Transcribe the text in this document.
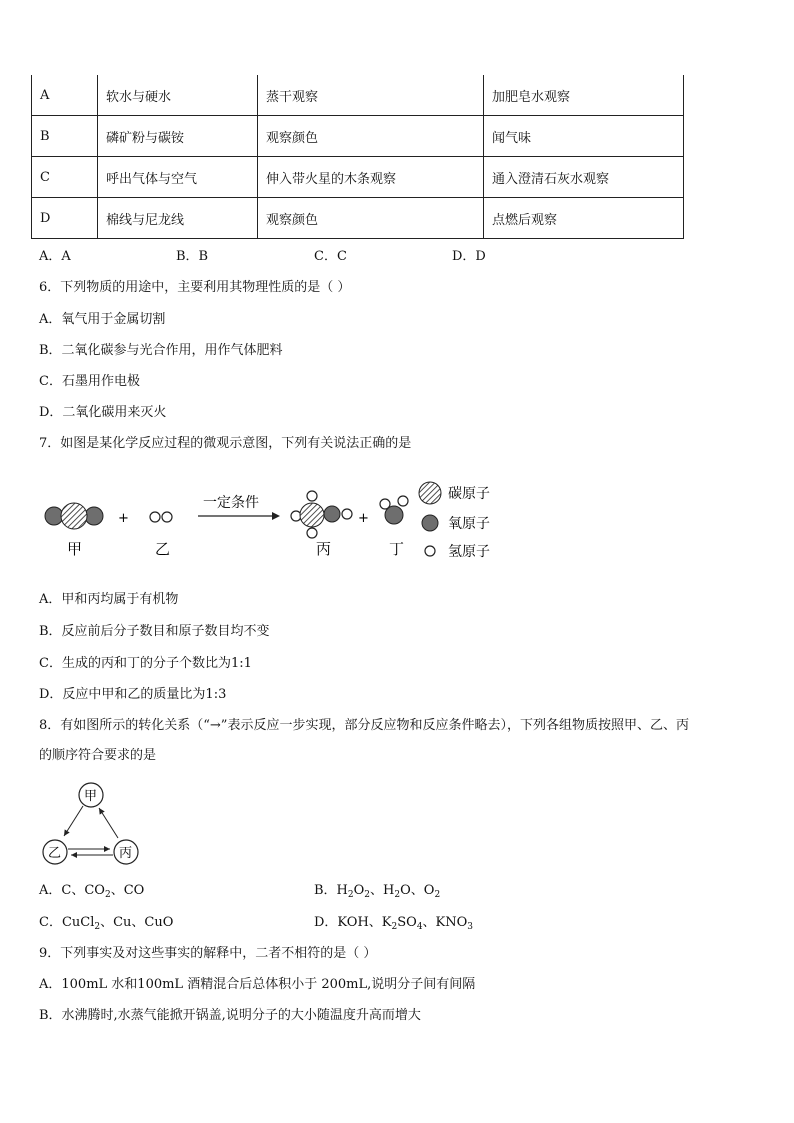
A	软水与硬水	蒸干观察	加肥皂水观察
B	磷矿粉与碳铵	观察颜色	闻气味
C	呼出气体与空气	伸入带火星的木条观察	通入澄清石灰水观察
D	棉线与尼龙线	观察颜色	点燃后观察
A．A	B．B	C．C	D．D
6．下列物质的用途中，主要利用其物理性质的是（ ）
A．氧气用于金属切割
B．二氧化碳参与光合作用，用作气体肥料
C．石墨用作电极
D．二氧化碳用来灭火
7．如图是某化学反应过程的微观示意图，下列有关说法正确的是
甲
+
乙
一定条件
丙
+
丁
碳原子
氧原子
氢原子
A．甲和丙均属于有机物
B．反应前后分子数目和原子数目均不变
C．生成的丙和丁的分子个数比为1:1
D．反应中甲和乙的质量比为1:3
8．有如图所示的转化关系（“→”表示反应一步实现，部分反应物和反应条件略去），下列各组物质按照甲、乙、丙
的顺序符合要求的是
甲
乙	丙
A．C、$CO_2$、CO	B．$H_2O_2$、$H_2O$、$O_2$
C．CuCl$_2$、Cu、CuO	D．KOH、$K_2SO_4$、$KNO_3$
9．下列事实及对这些事实的解释中，二者不相符的是（ ）
A．100mL 水和100mL 酒精混合后总体积小于 200mL,说明分子间有间隔
B．水沸腾时,水蒸气能掀开锅盖,说明分子的大小随温度升高而增大
